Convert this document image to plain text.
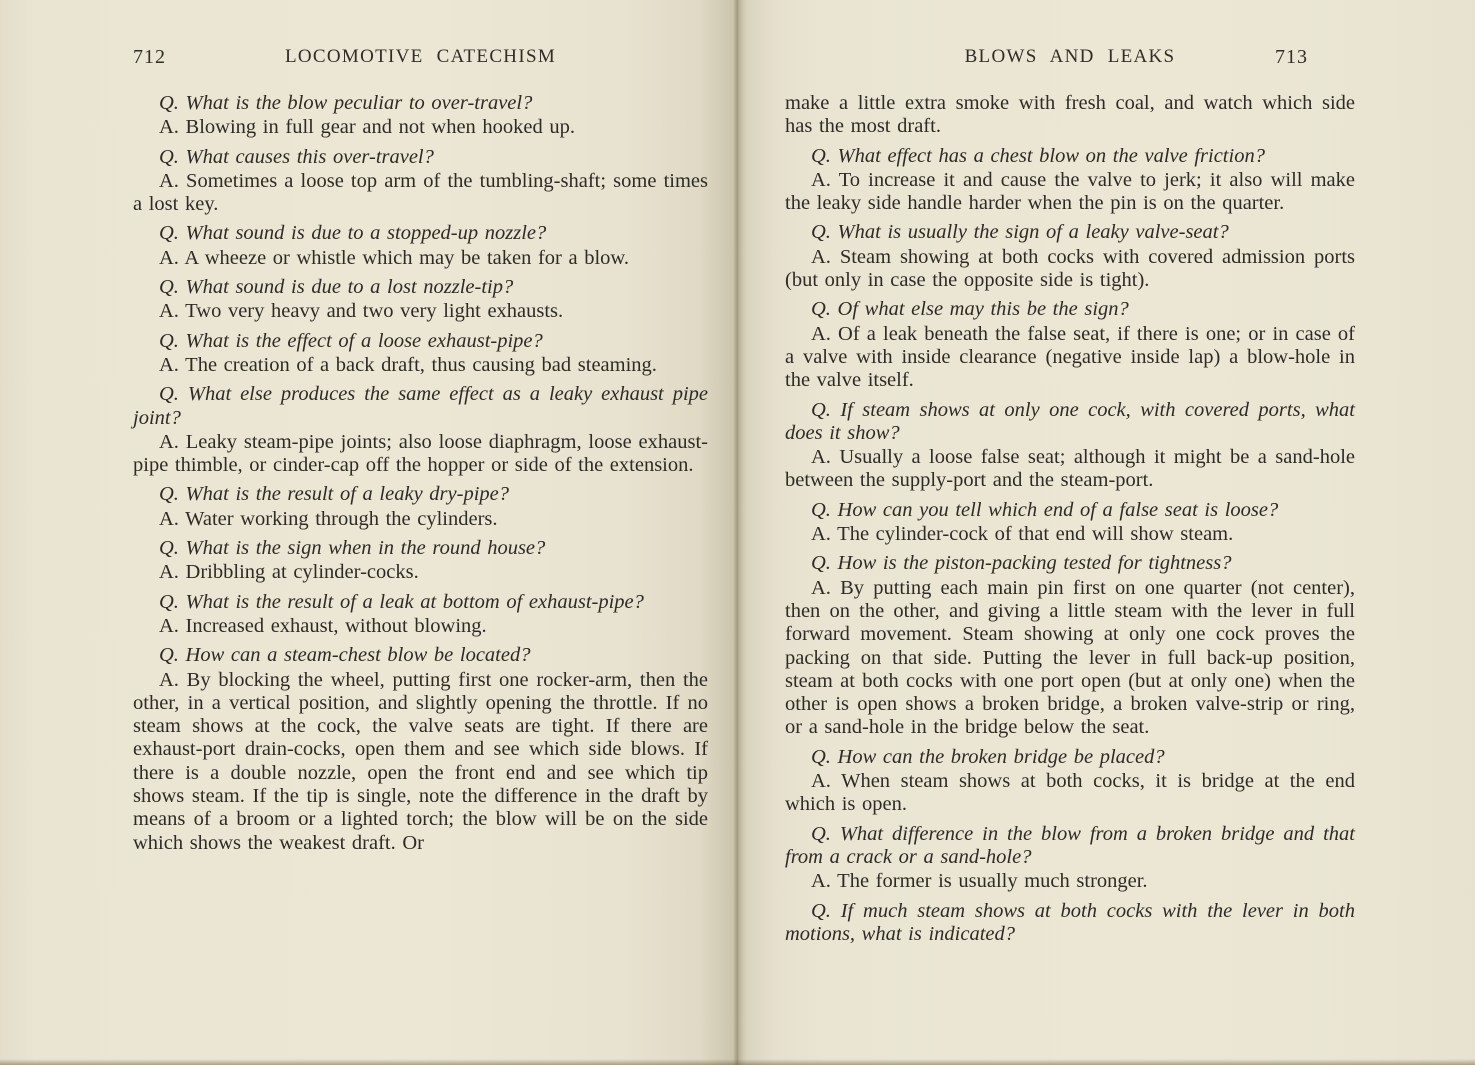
712	LOCOMOTIVE CATECHISM

Q. What is the blow peculiar to over-travel?

A. Blowing in full gear and not when hooked up.

Q. What causes this over-travel?

A. Sometimes a loose top arm of the tumbling-shaft; some times a lost key.

Q. What sound is due to a stopped-up nozzle?

A. A wheeze or whistle which may be taken for a blow.

Q. What sound is due to a lost nozzle-tip?

A. Two very heavy and two very light exhausts.

Q. What is the effect of a loose exhaust-pipe?

A. The creation of a back draft, thus causing bad steaming.

Q. What else produces the same effect as a leaky exhaust pipe joint?

A. Leaky steam-pipe joints; also loose diaphragm, loose exhaust-pipe thimble, or cinder-cap off the hopper or side of the extension.

Q. What is the result of a leaky dry-pipe?

A. Water working through the cylinders.

Q. What is the sign when in the round house?

A. Dribbling at cylinder-cocks.

Q. What is the result of a leak at bottom of exhaust-pipe?

A. Increased exhaust, without blowing.

Q. How can a steam-chest blow be located?

A. By blocking the wheel, putting first one rocker-arm, then the other, in a vertical position, and slightly opening the throttle. If no steam shows at the cock, the valve seats are tight. If there are exhaust-port drain-cocks, open them and see which side blows. If there is a double nozzle, open the front end and see which tip shows steam. If the tip is single, note the difference in the draft by means of a broom or a lighted torch; the blow will be on the side which shows the weakest draft. Or

BLOWS AND LEAKS	713

make a little extra smoke with fresh coal, and watch which side has the most draft.

Q. What effect has a chest blow on the valve friction?

A. To increase it and cause the valve to jerk; it also will make the leaky side handle harder when the pin is on the quarter.

Q. What is usually the sign of a leaky valve-seat?

A. Steam showing at both cocks with covered admission ports (but only in case the opposite side is tight).

Q. Of what else may this be the sign?

A. Of a leak beneath the false seat, if there is one; or in case of a valve with inside clearance (negative inside lap) a blow-hole in the valve itself.

Q. If steam shows at only one cock, with covered ports, what does it show?

A. Usually a loose false seat; although it might be a sand-hole between the supply-port and the steam-port.

Q. How can you tell which end of a false seat is loose?

A. The cylinder-cock of that end will show steam.

Q. How is the piston-packing tested for tightness?

A. By putting each main pin first on one quarter (not center), then on the other, and giving a little steam with the lever in full forward movement. Steam showing at only one cock proves the packing on that side. Putting the lever in full back-up position, steam at both cocks with one port open (but at only one) when the other is open shows a broken bridge, a broken valve-strip or ring, or a sand-hole in the bridge below the seat.

Q. How can the broken bridge be placed?

A. When steam shows at both cocks, it is bridge at the end which is open.

Q. What difference in the blow from a broken bridge and that from a crack or a sand-hole?

A. The former is usually much stronger.

Q. If much steam shows at both cocks with the lever in both motions, what is indicated?
